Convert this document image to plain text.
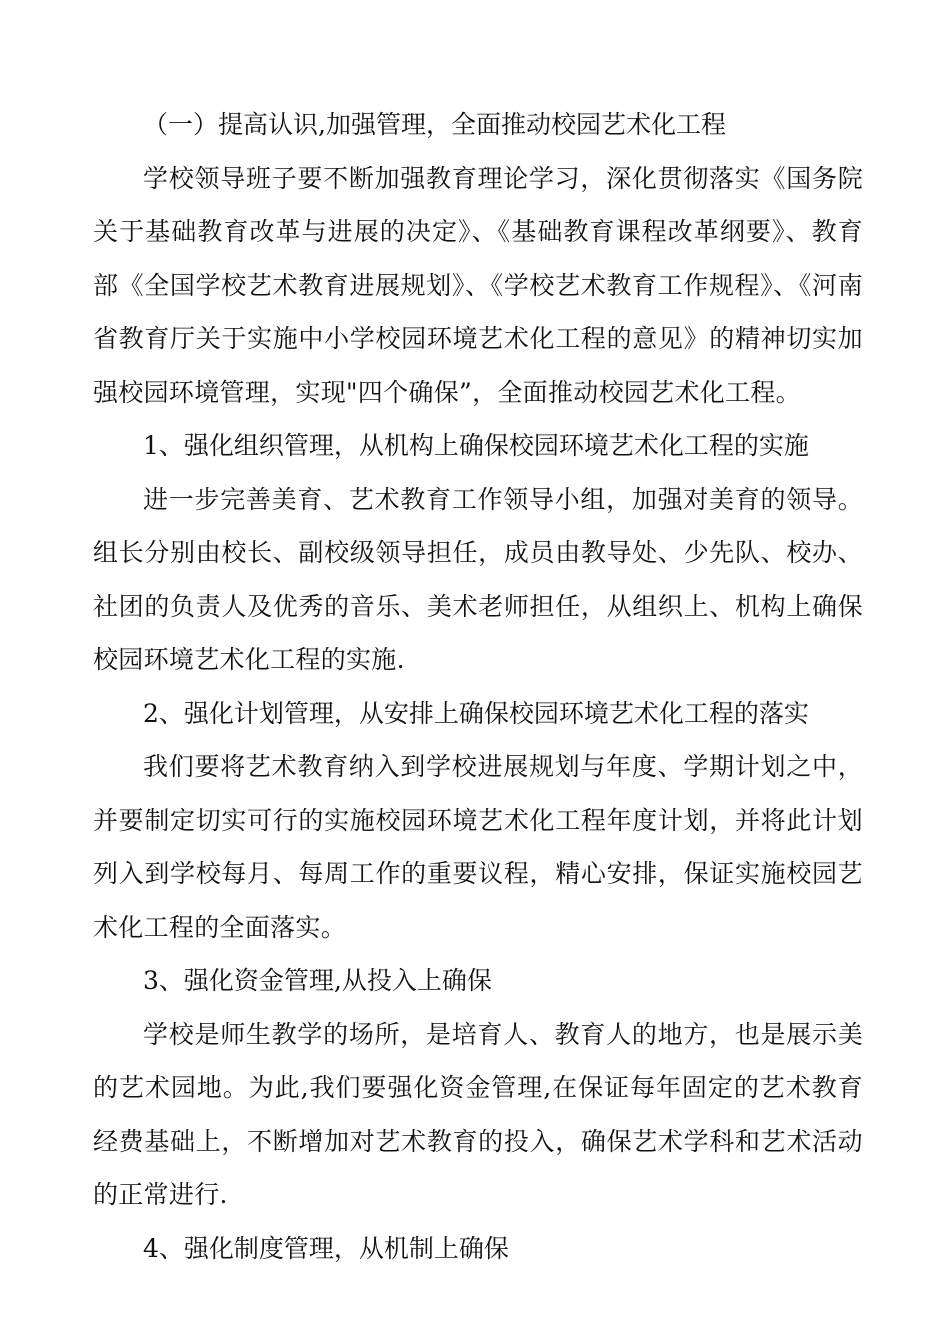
（一）提高认识,加强管理，全面推动校园艺术化工程

学校领导班子要不断加强教育理论学习，深化贯彻落实《国务院关于基础教育改革与进展的决定》、《基础教育课程改革纲要》、教育部《全国学校艺术教育进展规划》、《学校艺术教育工作规程》、《河南省教育厅关于实施中小学校园环境艺术化工程的意见》的精神切实加强校园环境管理，实现"四个确保”，全面推动校园艺术化工程。

1、强化组织管理，从机构上确保校园环境艺术化工程的实施

进一步完善美育、艺术教育工作领导小组，加强对美育的领导。组长分别由校长、副校级领导担任，成员由教导处、少先队、校办、社团的负责人及优秀的音乐、美术老师担任，从组织上、机构上确保校园环境艺术化工程的实施.

2、强化计划管理，从安排上确保校园环境艺术化工程的落实

我们要将艺术教育纳入到学校进展规划与年度、学期计划之中，并要制定切实可行的实施校园环境艺术化工程年度计划，并将此计划列入到学校每月、每周工作的重要议程，精心安排，保证实施校园艺术化工程的全面落实。

3、强化资金管理,从投入上确保

学校是师生教学的场所，是培育人、教育人的地方，也是展示美的艺术园地。为此,我们要强化资金管理,在保证每年固定的艺术教育经费基础上，不断增加对艺术教育的投入，确保艺术学科和艺术活动的正常进行.

4、强化制度管理，从机制上确保
